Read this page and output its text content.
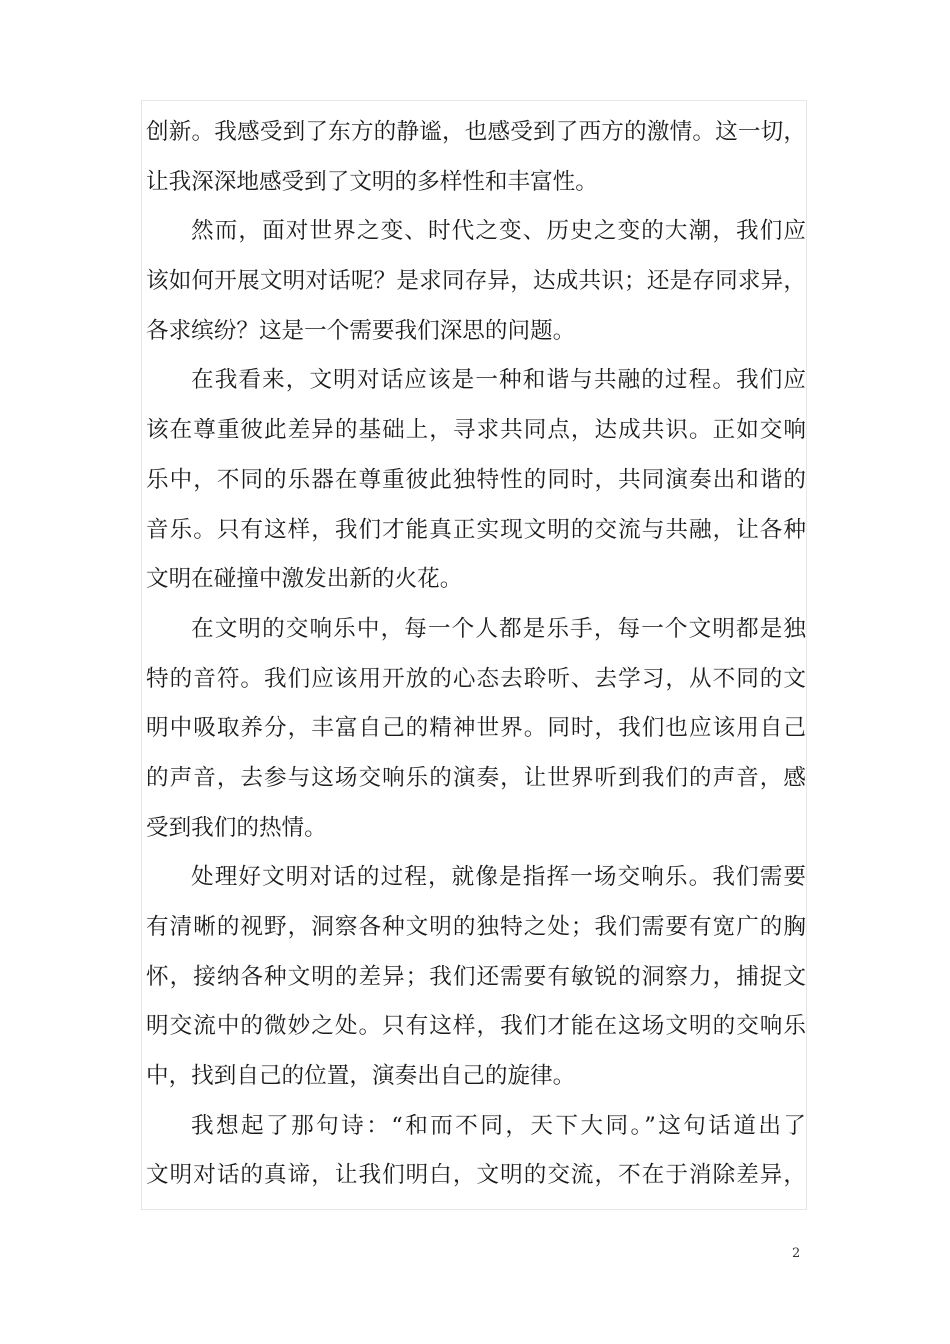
创新。我感受到了东方的静谧，也感受到了西方的激情。这一切，
让我深深地感受到了文明的多样性和丰富性。
然而，面对世界之变、时代之变、历史之变的大潮，我们应
该如何开展文明对话呢？是求同存异，达成共识；还是存同求异，
各求缤纷？这是一个需要我们深思的问题。
在我看来，文明对话应该是一种和谐与共融的过程。我们应
该在尊重彼此差异的基础上，寻求共同点，达成共识。正如交响
乐中，不同的乐器在尊重彼此独特性的同时，共同演奏出和谐的
音乐。只有这样，我们才能真正实现文明的交流与共融，让各种
文明在碰撞中激发出新的火花。
在文明的交响乐中，每一个人都是乐手，每一个文明都是独
特的音符。我们应该用开放的心态去聆听、去学习，从不同的文
明中吸取养分，丰富自己的精神世界。同时，我们也应该用自己
的声音，去参与这场交响乐的演奏，让世界听到我们的声音，感
受到我们的热情。
处理好文明对话的过程，就像是指挥一场交响乐。我们需要
有清晰的视野，洞察各种文明的独特之处；我们需要有宽广的胸
怀，接纳各种文明的差异；我们还需要有敏锐的洞察力，捕捉文
明交流中的微妙之处。只有这样，我们才能在这场文明的交响乐
中，找到自己的位置，演奏出自己的旋律。
我想起了那句诗：“和而不同，天下大同。”这句话道出了
文明对话的真谛，让我们明白，文明的交流，不在于消除差异，
2
